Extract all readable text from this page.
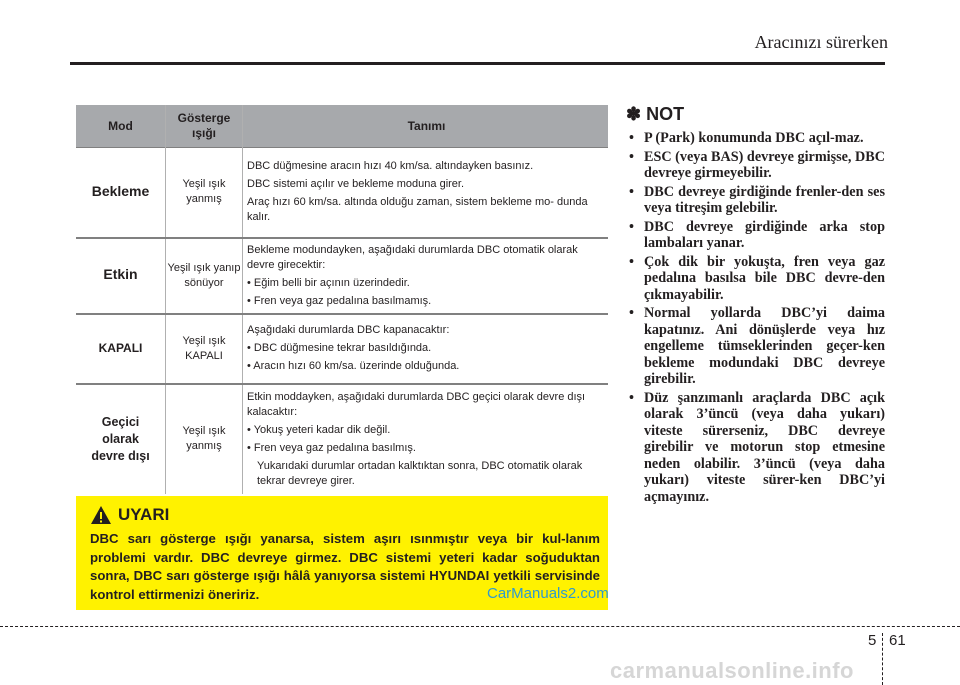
Aracınızı sürerken
Mod	Gösterge ışığı	Tanımı
Bekleme	Yeşil ışık yanmış	DBC düğmesine aracın hızı 40 km/sa. altındayken basınız.
DBC sistemi açılır ve bekleme moduna girer.
Araç hızı 60 km/sa. altında olduğu zaman, sistem bekleme mo- dunda kalır.

Etkin	Yeşil ışık yanıp sönüyor	Bekleme modundayken, aşağıdaki durumlarda DBC otomatik olarak devre girecektir:
• Eğim belli bir açının üzerindedir.
• Fren veya gaz pedalına basılmamış.

KAPALI	Yeşil ışık KAPALI	Aşağıdaki durumlarda DBC kapanacaktır:
• DBC düğmesine tekrar basıldığında.
• Aracın hızı 60 km/sa. üzerinde olduğunda.

Geçici olarak devre dışı	Yeşil ışık yanmış	Etkin moddayken, aşağıdaki durumlarda DBC geçici olarak devre dışı kalacaktır:
• Yokuş yeteri kadar dik değil.
• Fren veya gaz pedalına basılmış.
Yukarıdaki durumlar ortadan kalktıktan sonra, DBC otomatik olarak tekrar devreye girer.
UYARI
DBC sarı gösterge ışığı yanarsa, sistem aşırı ısınmıştır veya bir kul-lanım problemi vardır. DBC devreye girmez. DBC sistemi yeteri kadar soğuduktan sonra, DBC sarı gösterge ışığı hâlâ yanıyorsa sistemi HYUNDAI yetkili servisinde kontrol ettirmenizi öneririz.	CarManuals2.com
✽ NOT
• P (Park) konumunda DBC açıl-maz.
• ESC (veya BAS) devreye girmişse, DBC devreye girmeyebilir.
• DBC devreye girdiğinde frenler-den ses veya titreşim gelebilir.
• DBC devreye girdiğinde arka stop lambaları yanar.
• Çok dik bir yokuşta, fren veya gaz pedalına basılsa bile DBC devre-den çıkmayabilir.
• Normal yollarda DBC’yi daima kapatınız. Ani dönüşlerde veya hız engelleme tümseklerinden geçer-ken bekleme modundaki DBC devreye girebilir.
• Düz şanzımanlı araçlarda DBC açık olarak 3’üncü (veya daha yukarı) viteste sürerseniz, DBC devreye girebilir ve motorun stop etmesine neden olabilir. 3’üncü (veya daha yukarı) viteste sürer-ken DBC’yi açmayınız.
5 61
carmanualsonline.info
